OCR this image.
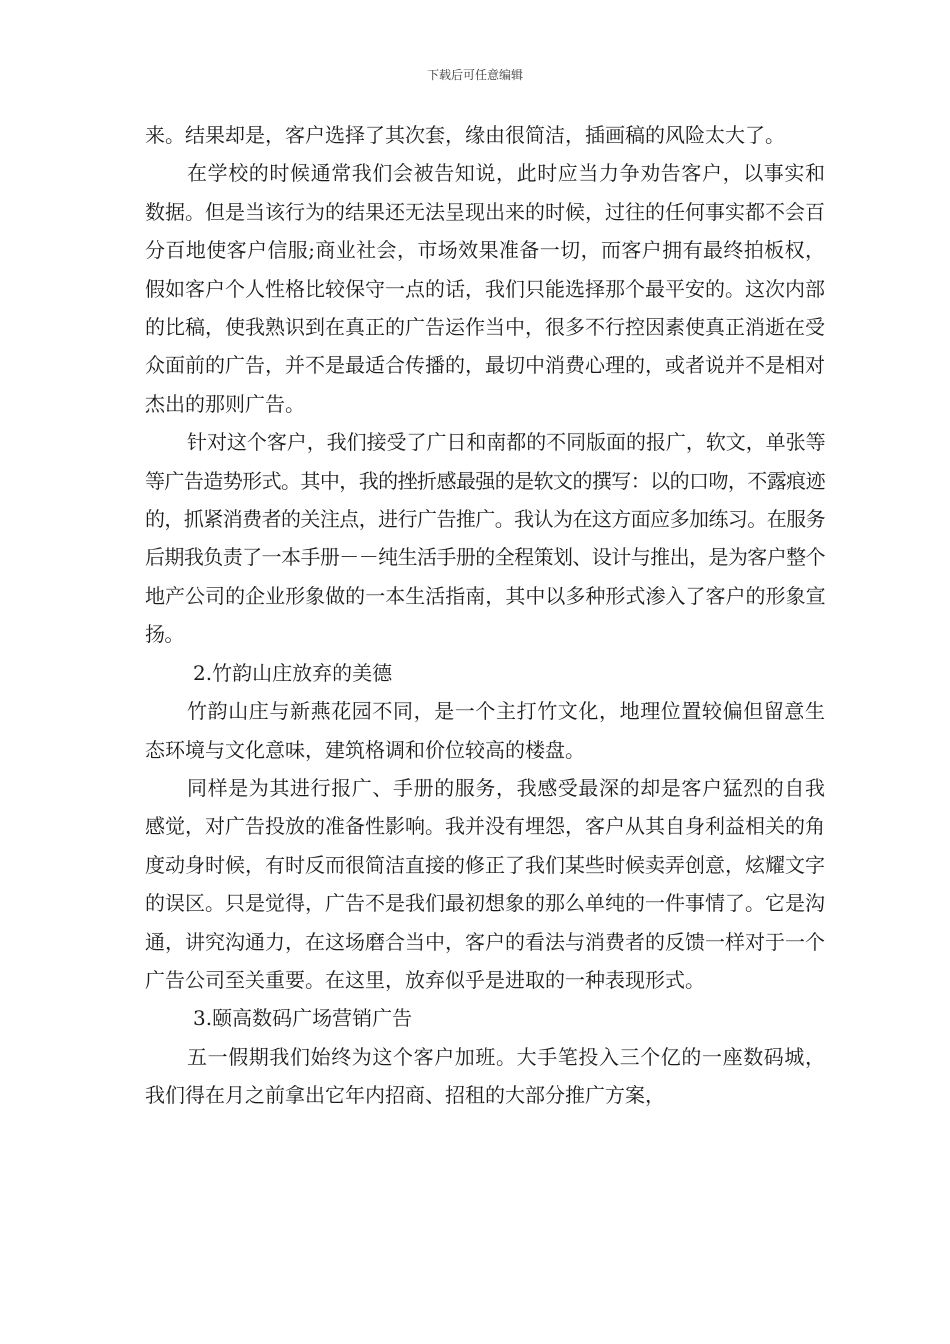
下载后可任意编辑

来。结果却是，客户选择了其次套，缘由很简洁，插画稿的风险太大了。

在学校的时候通常我们会被告知说，此时应当力争劝告客户，以事实和数据。但是当该行为的结果还无法呈现出来的时候，过往的任何事实都不会百分百地使客户信服;商业社会，市场效果准备一切，而客户拥有最终拍板权，假如客户个人性格比较保守一点的话，我们只能选择那个最平安的。这次内部的比稿，使我熟识到在真正的广告运作当中，很多不行控因素使真正消逝在受众面前的广告，并不是最适合传播的，最切中消费心理的，或者说并不是相对杰出的那则广告。

针对这个客户，我们接受了广日和南都的不同版面的报广，软文，单张等等广告造势形式。其中，我的挫折感最强的是软文的撰写：以的口吻，不露痕迹的，抓紧消费者的关注点，进行广告推广。我认为在这方面应多加练习。在服务后期我负责了一本手册－－纯生活手册的全程策划、设计与推出，是为客户整个地产公司的企业形象做的一本生活指南，其中以多种形式渗入了客户的形象宣扬。

2.竹韵山庄放弃的美德

竹韵山庄与新燕花园不同，是一个主打竹文化，地理位置较偏但留意生态环境与文化意味，建筑格调和价位较高的楼盘。

同样是为其进行报广、手册的服务，我感受最深的却是客户猛烈的自我感觉，对广告投放的准备性影响。我并没有埋怨，客户从其自身利益相关的角度动身时候，有时反而很简洁直接的修正了我们某些时候卖弄创意，炫耀文字的误区。只是觉得，广告不是我们最初想象的那么单纯的一件事情了。它是沟通，讲究沟通力，在这场磨合当中，客户的看法与消费者的反馈一样对于一个广告公司至关重要。在这里，放弃似乎是进取的一种表现形式。

3.颐高数码广场营销广告

五一假期我们始终为这个客户加班。大手笔投入三个亿的一座数码城，我们得在月之前拿出它年内招商、招租的大部分推广方案，
